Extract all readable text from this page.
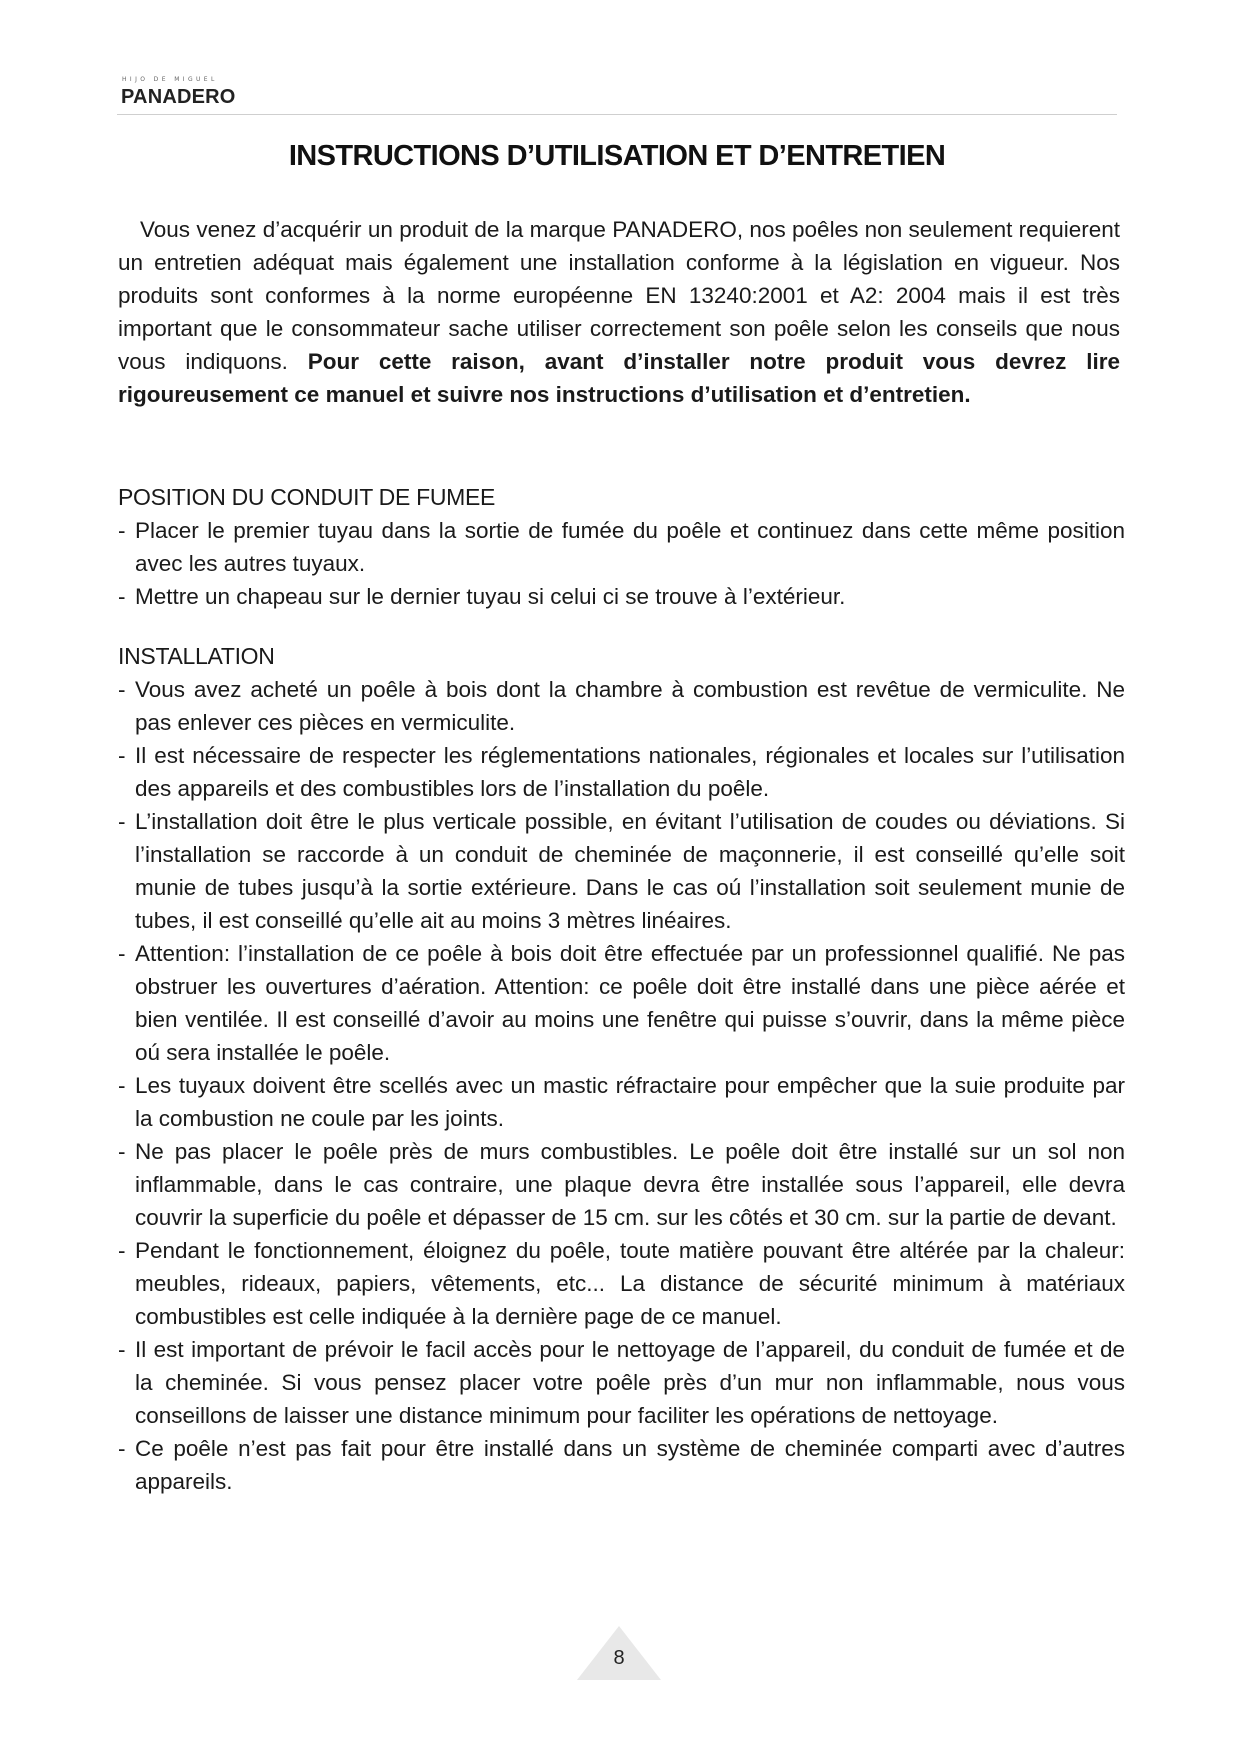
HIJO DE MIGUEL
PANADERO
INSTRUCTIONS D’UTILISATION ET D’ENTRETIEN

Vous venez d’acquérir un produit de la marque PANADERO, nos poêles non seulement requierent un entretien adéquat mais également une installation conforme à la législation en vigueur. Nos produits sont conformes à la norme européenne EN 13240:2001 et A2: 2004 mais il est très important que le consommateur sache utiliser correctement son poêle selon les conseils que nous vous indiquons. Pour cette raison, avant d’installer notre produit vous devrez lire rigoureusement ce manuel et suivre nos instructions d’utilisation et d’entretien.

POSITION DU CONDUIT DE FUMEE
- Placer le premier tuyau dans la sortie de fumée du poêle et continuez dans cette même position avec les autres tuyaux.
- Mettre un chapeau sur le dernier tuyau si celui ci se trouve à l’extérieur.
INSTALLATION
- Vous avez acheté un poêle à bois dont la chambre à combustion est revêtue de vermiculite. Ne pas enlever ces pièces en vermiculite.
- Il est nécessaire de respecter les réglementations nationales, régionales et locales sur l’utilisation des appareils et des combustibles lors de l’installation du poêle.
- L’installation doit être le plus verticale possible, en évitant l’utilisation de coudes ou déviations. Si l’installation se raccorde à un conduit de cheminée de maçonnerie, il est conseillé qu’elle soit munie de tubes jusqu’à la sortie extérieure. Dans le cas oú l’installation soit seulement munie de tubes, il est conseillé qu’elle ait au moins 3 mètres linéaires.
- Attention: l’installation de ce poêle à bois doit être effectuée par un professionnel qualifié. Ne pas obstruer les ouvertures d’aération. Attention: ce poêle doit être installé dans une pièce aérée et bien ventilée. Il est conseillé d’avoir au moins une fenêtre qui puisse s’ouvrir, dans la même pièce oú sera installée le poêle.
- Les tuyaux doivent être scellés avec un mastic réfractaire pour empêcher que la suie produite par la combustion ne coule par les joints.
- Ne pas placer le poêle près de murs combustibles. Le poêle doit être installé sur un sol non inflammable, dans le cas contraire, une plaque devra être installée sous l’appareil, elle devra couvrir la superficie du poêle et dépasser de 15 cm. sur les côtés et 30 cm. sur la partie de devant.
- Pendant le fonctionnement, éloignez du poêle, toute matière pouvant être altérée par la chaleur: meubles, rideaux, papiers, vêtements, etc... La distance de sécurité minimum à matériaux combustibles est celle indiquée à la dernière page de ce manuel.
- Il est important de prévoir le facil accès pour le nettoyage de l’appareil, du conduit de fumée et de la cheminée. Si vous pensez placer votre poêle près d’un mur non inflammable, nous vous conseillons de laisser une distance minimum pour faciliter les opérations de nettoyage.
- Ce poêle n’est pas fait pour être installé dans un système de cheminée comparti avec d’autres appareils.
8
